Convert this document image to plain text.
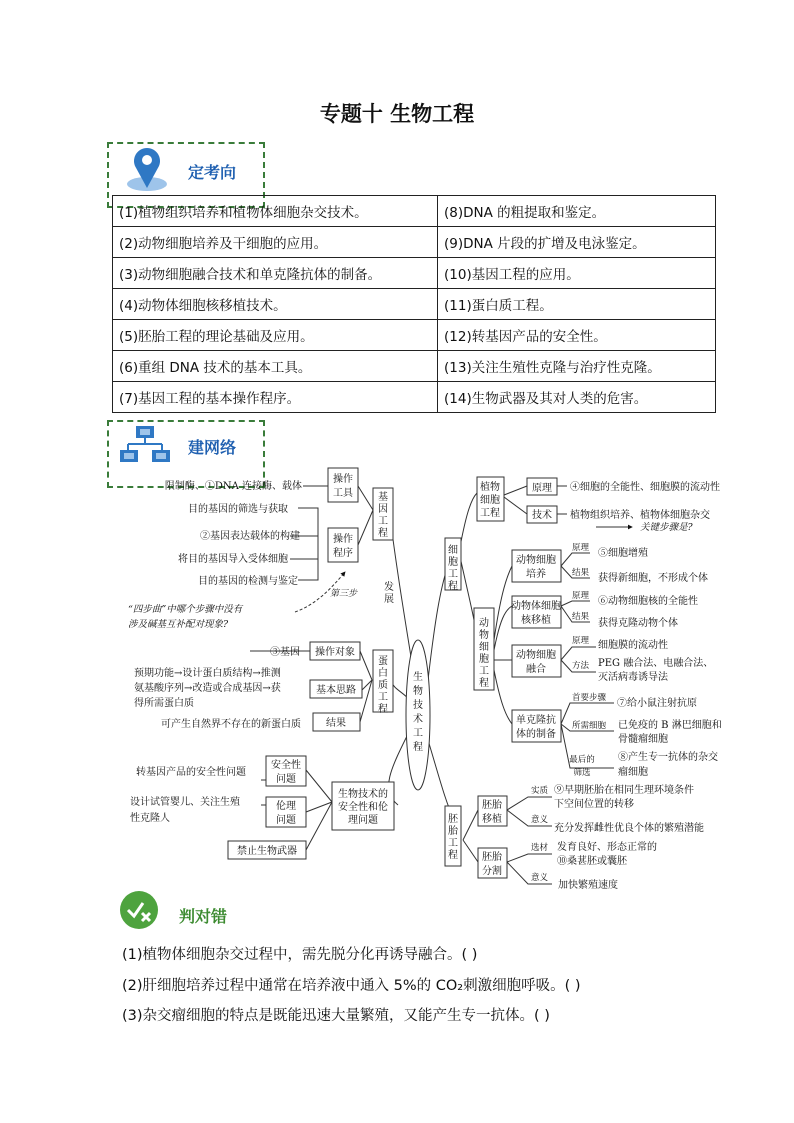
专题十 生物工程
定考向
(1)植物组织培养和植物体细胞杂交技术。	(8)DNA 的粗提取和鉴定。
(2)动物细胞培养及干细胞的应用。	(9)DNA 片段的扩增及电泳鉴定。
(3)动物细胞融合技术和单克隆抗体的制备。	(10)基因工程的应用。
(4)动物体细胞核移植技术。	(11)蛋白质工程。
(5)胚胎工程的理论基础及应用。	(12)转基因产品的安全性。
(6)重组 DNA 技术的基本工具。	(13)关注生殖性克隆与治疗性克隆。
(7)基因工程的基本操作程序。	(14)生物武器及其对人类的危害。
建网络
生物技术工程
操作工具	基因工程
操作程序
限制酶、①DNA 连接酶、载体
目的基因的筛选与获取
②基因表达载体的构建
将目的基因导入受体细胞
目的基因的检测与鉴定
第三步
发展
“四步曲”中哪个步骤中没有涉及碱基互补配对现象?
蛋白质工程
操作对象
③基因
基本思路
预期功能→设计蛋白质结构→推测氨基酸序列→改造或合成基因→获得所需蛋白质
结果
可产生自然界不存在的新蛋白质
安全性问题
转基因产品的安全性问题
伦理问题
设计试管婴儿、关注生殖性克隆人
生物技术的安全性和伦理问题
禁止生物武器
细胞工程
植物细胞工程
原理 ④细胞的全能性、细胞膜的流动性
技术 植物组织培养、植物体细胞杂交
关键步骤是?
动物细胞工程
动物细胞培养
原理 ⑤细胞增殖
结果 获得新细胞，不形成个体
动物体细胞核移植
原理 ⑥动物细胞核的全能性
结果
获得克隆动物个体
动物细胞融合
原理 细胞膜的流动性
方法 PEG 融合法、电融合法、灭活病毒诱导法
单克隆抗体的制备
首要步骤 ⑦给小鼠注射抗原
所需细胞 已免疫的 B 淋巴细胞和骨髓瘤细胞
最后的筛选
⑧产生专一抗体的杂交瘤细胞
胚胎工程
胚胎移植
实质 ⑨早期胚胎在相同生理环境条件下空间位置的转移
意义
充分发挥雌性优良个体的繁殖潜能
胚胎分割
选材 发育良好、形态正常的 ⑩桑葚胚或囊胚
意义
加快繁殖速度
判对错
(1)植物体细胞杂交过程中，需先脱分化再诱导融合。( )
(2)肝细胞培养过程中通常在培养液中通入 5%的 CO₂刺激细胞呼吸。( )
(3)杂交瘤细胞的特点是既能迅速大量繁殖，又能产生专一抗体。( )
